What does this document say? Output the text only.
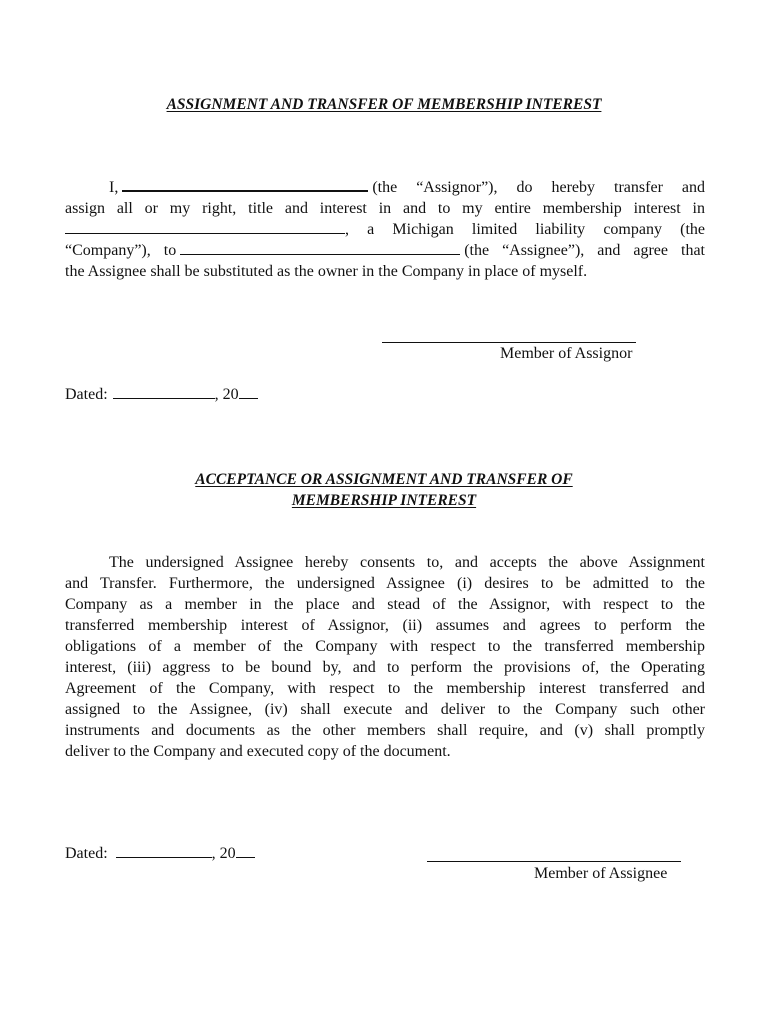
ASSIGNMENT AND TRANSFER OF MEMBERSHIP INTEREST
I,	(the “Assignor”), do hereby transfer and
assign all or my right, title and interest in and to my entire membership interest in
, a Michigan limited liability company (the
“Company”), to	(the “Assignee”), and agree that
the Assignee shall be substituted as the owner in the Company in place of myself.
Member of Assignor
Dated:	, 20
ACCEPTANCE OR ASSIGNMENT AND TRANSFER OF
MEMBERSHIP INTEREST
The undersigned Assignee hereby consents to, and accepts the above Assignment
and Transfer. Furthermore, the undersigned Assignee (i) desires to be admitted to the
Company as a member in the place and stead of the Assignor, with respect to the
transferred membership interest of Assignor, (ii) assumes and agrees to perform the
obligations of a member of the Company with respect to the transferred membership
interest, (iii) aggress to be bound by, and to perform the provisions of, the Operating
Agreement of the Company, with respect to the membership interest transferred and
assigned to the Assignee, (iv) shall execute and deliver to the Company such other
instruments and documents as the other members shall require, and (v) shall promptly
deliver to the Company and executed copy of the document.
Dated:	, 20
Member of Assignee
